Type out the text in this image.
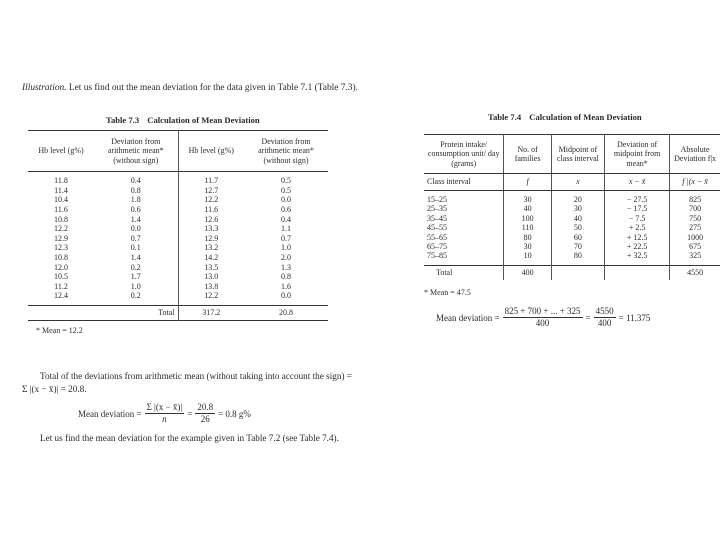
Illustration. Let us find out the mean deviation for the data given in Table 7.1 (Table 7.3).
Table 7.3 Calculation of Mean Deviation
Hb level (g%)	Deviation from arithmetic mean* (without sign)	Hb level (g%)	Deviation from arithmetic mean* (without sign)
11.8	0.4	11.7	0.5
11.4	0.8	12.7	0.5
10.4	1.8	12.2	0.0
11.6	0.6	11.6	0.6
10.8	1.4	12.6	0.4
12.2	0.0	13.3	1.1
12.9	0.7	12.9	0.7
12.3	0.1	13.2	1.0
10.8	1.4	14.2	2.0
12.0	0.2	13.5	1.3
10.5	1.7	13.0	0.8
11.2	1.0	13.8	1.6
12.4	0.2	12.2	0.0
	Total	317.2	20.8
* Mean = 12.2
Total of the deviations from arithmetic mean (without taking into account the sign) = Σ |(x − x̄)| = 20.8.
Mean deviation = $\frac{\Sigma |(x - x̄)|}{n} = \frac{20.8}{26} = 0.8$ g%
Let us find the mean deviation for the example given in Table 7.2 (see Table 7.4).
Table 7.4 Calculation of Mean Deviation
Protein intake/ consumption unit/ day (grams)	No. of families	Midpoint of class interval	Deviation of midpoint from mean*	Absolute Deviation f|x
Class interval	f	x	x − x̄	f |(x − x̄
15–25	30	20	− 27.5	825
25–35	40	30	− 17.5	700
35–45	100	40	− 7.5	750
45–55	110	50	+ 2.5	275
55–65	80	60	+ 12.5	1000
65–75	30	70	+ 22.5	675
75–85	10	80	+ 32.5	325
Total	400			4550
* Mean = 47.5
Mean deviation = $\frac{825 + 700 + ... + 325}{400} = \frac{4550}{400} = 11.375$
